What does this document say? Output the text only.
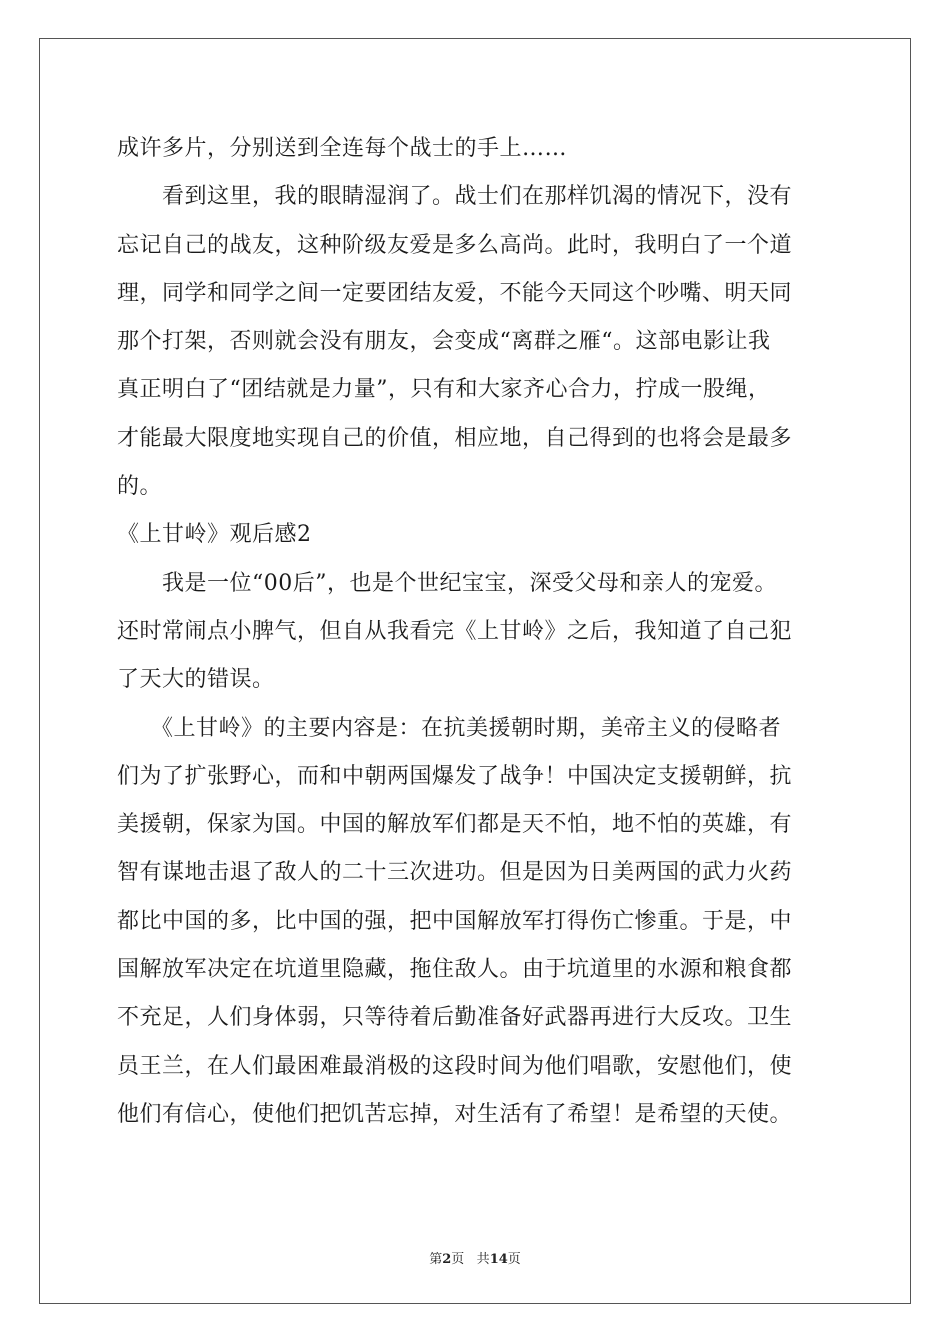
成许多片，分别送到全连每个战士的手上……
　　看到这里，我的眼睛湿润了。战士们在那样饥渴的情况下，没有
忘记自己的战友，这种阶级友爱是多么高尚。此时，我明白了一个道
理，同学和同学之间一定要团结友爱，不能今天同这个吵嘴、明天同
那个打架，否则就会没有朋友，会变成“离群之雁“。这部电影让我
真正明白了“团结就是力量”，只有和大家齐心合力，拧成一股绳，
才能最大限度地实现自己的价值，相应地，自己得到的也将会是最多
的。
《上甘岭》观后感2
　　我是一位“00后”，也是个世纪宝宝，深受父母和亲人的宠爱。
还时常闹点小脾气，但自从我看完《上甘岭》之后，我知道了自己犯
了天大的错误。
　　《上甘岭》的主要内容是：在抗美援朝时期，美帝主义的侵略者
们为了扩张野心，而和中朝两国爆发了战争！中国决定支援朝鲜，抗
美援朝，保家为国。中国的解放军们都是天不怕，地不怕的英雄，有
智有谋地击退了敌人的二十三次进功。但是因为日美两国的武力火药
都比中国的多，比中国的强，把中国解放军打得伤亡惨重。于是，中
国解放军决定在坑道里隐藏，拖住敌人。由于坑道里的水源和粮食都
不充足，人们身体弱，只等待着后勤准备好武器再进行大反攻。卫生
员王兰，在人们最困难最消极的这段时间为他们唱歌，安慰他们，使
他们有信心，使他们把饥苦忘掉，对生活有了希望！是希望的天使。
第2页 共14页
